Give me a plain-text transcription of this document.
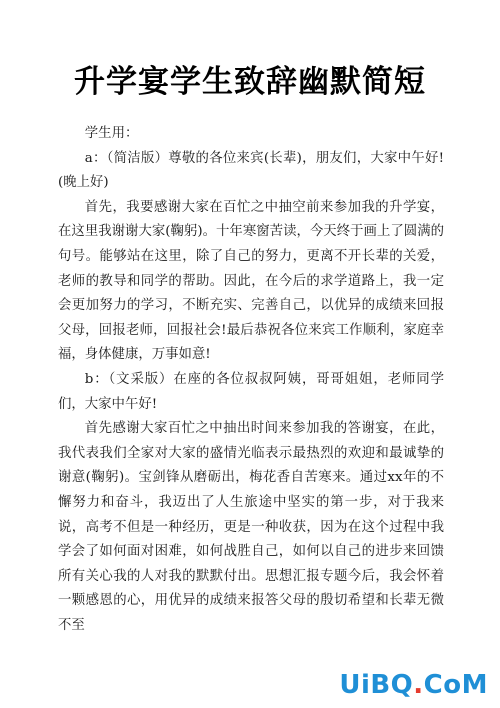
升学宴学生致辞幽默简短

学生用：

a：（简洁版）尊敬的各位来宾(长辈)，朋友们，大家中午好!(晚上好)

首先，我要感谢大家在百忙之中抽空前来参加我的升学宴，在这里我谢谢大家(鞠躬)。十年寒窗苦读，今天终于画上了圆满的句号。能够站在这里，除了自己的努力，更离不开长辈的关爱，老师的教导和同学的帮助。因此，在今后的求学道路上，我一定会更加努力的学习，不断充实、完善自己，以优异的成绩来回报父母，回报老师，回报社会!最后恭祝各位来宾工作顺利，家庭幸福，身体健康，万事如意!

b：（文采版）在座的各位叔叔阿姨，哥哥姐姐，老师同学们，大家中午好!

首先感谢大家百忙之中抽出时间来参加我的答谢宴，在此，我代表我们全家对大家的盛情光临表示最热烈的欢迎和最诚挚的谢意(鞠躬)。宝剑锋从磨砺出，梅花香自苦寒来。通过xx年的不懈努力和奋斗，我迈出了人生旅途中坚实的第一步，对于我来说，高考不但是一种经历，更是一种收获，因为在这个过程中我学会了如何面对困难，如何战胜自己，如何以自己的进步来回馈所有关心我的人对我的默默付出。思想汇报专题今后，我会怀着一颗感恩的心，用优异的成绩来报答父母的殷切希望和长辈无微不至

UiBQ . CoM
